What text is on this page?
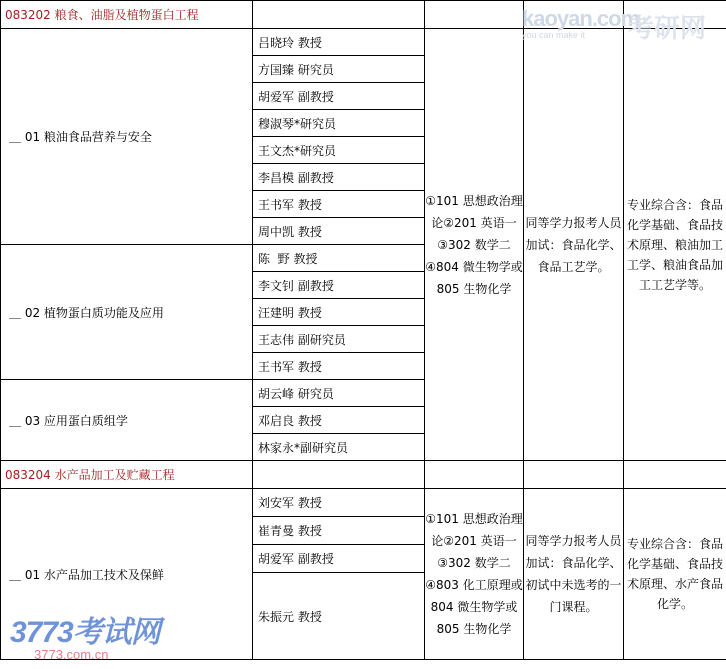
083202 粮食、油脂及植物蛋白工程				
＿ 01 粮油食品营养与安全	吕晓玲 教授	①101 思想政治理论②201 英语一③302 数学二④804 微生物学或 805 生物化学	同等学力报考人员加试：食品化学、食品工艺学。	专业综合含：食品化学基础、食品技术原理、粮油加工工学、粮油食品加工工艺学等。
	方国臻 研究员			
	胡爱军 副教授			
	穆淑琴*研究员			
	王文杰*研究员			
	李昌模 副教授			
	王书军 教授			
	周中凯 教授			
＿ 02 植物蛋白质功能及应用	陈  野 教授			
	李文钊 副教授			
	汪建明 教授			
	王志伟 副研究员			
	王书军 教授			
＿ 03 应用蛋白质组学	胡云峰 研究员			
	邓启良 教授			
	林家永*副研究员			
083204 水产品加工及贮藏工程				
＿ 01 水产品加工技术及保鲜	刘安军 教授	①101 思想政治理论②201 英语一③302 数学二④803 化工原理或 804 微生物学或 805 生物化学	同等学力报考人员加试：食品化学、初试中未选考的一门课程。	专业综合含：食品化学基础、食品技术原理、水产食品化学。
	崔青曼 教授			
	胡爱军 副教授			
	朱振元 教授			
kaoyan.com
you can make it	考研网
3773考试网
3773.com.cn
